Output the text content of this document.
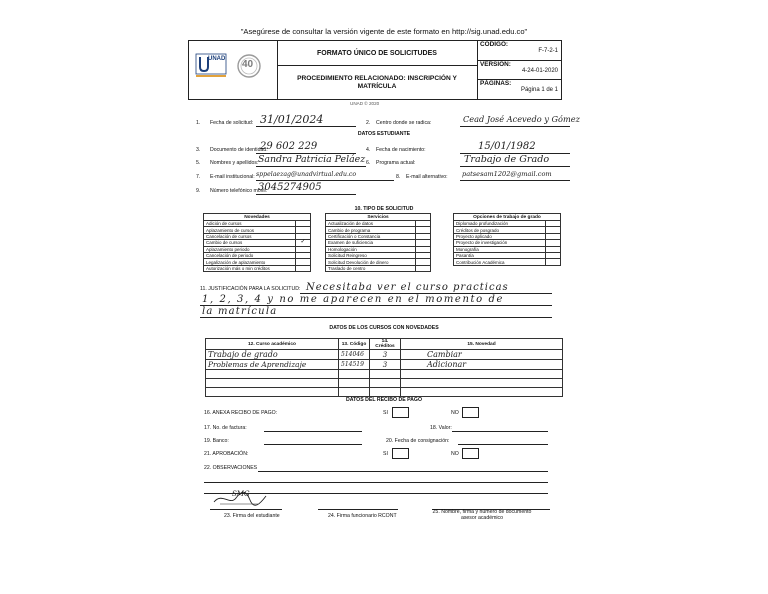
"Asegúrese de consultar la versión vigente de este formato en http://sig.unad.edu.co"
UNAD 40
FORMATO ÚNICO DE SOLICITUDES
PROCEDIMIENTO RELACIONADO: INSCRIPCIÓN Y MATRÍCULA
CÓDIGO:
F-7-2-1
VERSIÓN:
4-24-01-2020
PÁGINAS:
Página 1 de 1
UNAD © 2020
1. Fecha de solicitud: 31/01/2024	2. Centro donde se radica:	Cead José Acevedo y Gómez
DATOS ESTUDIANTE
3. Documento de identidad:
29 602 229	4. Fecha de nacimiento:	15/01/1982
5. Nombres y apellidos: Sandra Patricia Peláez 6. Programa actual:	Trabajo de Grado
7. E-mail institucional: sppelaezag@unadvirtual.edu.co	8. E-mail alternativo: patsesam1202@gmail.com
9. Número telefónico móvil:
3045274905
10. TIPO DE SOLICITUD
Novedades	
Adición de cursos	
Aplazamiento de cursos	
Cancelación de cursos	
Cambio de cursos	✓
Aplazamiento periodo	
Cancelación de periodo	
Legalización de aplazamiento	
Autorización más o min créditos	
Servicios	
Actualización de datos	
Cambio de programa	
Certificación o Constancia	
Examen de suficiencia	
Homologación	
Solicitud Reingreso	
Solicitud Devolución de dinero	
Traslado de centro	
Opciones de trabajo de grado	
Diplomado profundización	
Créditos de posgrado	
Proyecto aplicado	
Proyecto de investigación	
Monografía	
Pasantía	
Contribución Académica	
11. JUSTIFICACIÓN PARA LA SOLICITUD: Necesitaba ver el curso practicas
1, 2, 3, 4 y no me aparecen en el momento de
la matrícula
DATOS DE LOS CURSOS CON NOVEDADES
12. Curso académico	13. Código	14. Créditos	15. Novedad
Trabajo de grado	514046	3	Cambiar
Problemas de Aprendizaje	514519	3	Adicionar

DATOS DEL RECIBO DE PAGO
16. ANEXA RECIBO DE PAGO:	SI	NO
17. No. de factura:	18. Valor:
19. Banco:	20. Fecha de consignación:
21. APROBACIÓN:	SI	NO
22. OBSERVACIONES
SMG
23. Firma del estudiante	24. Firma funcionario RCONT
25. Nombre, firma y número de documento asesor académico
